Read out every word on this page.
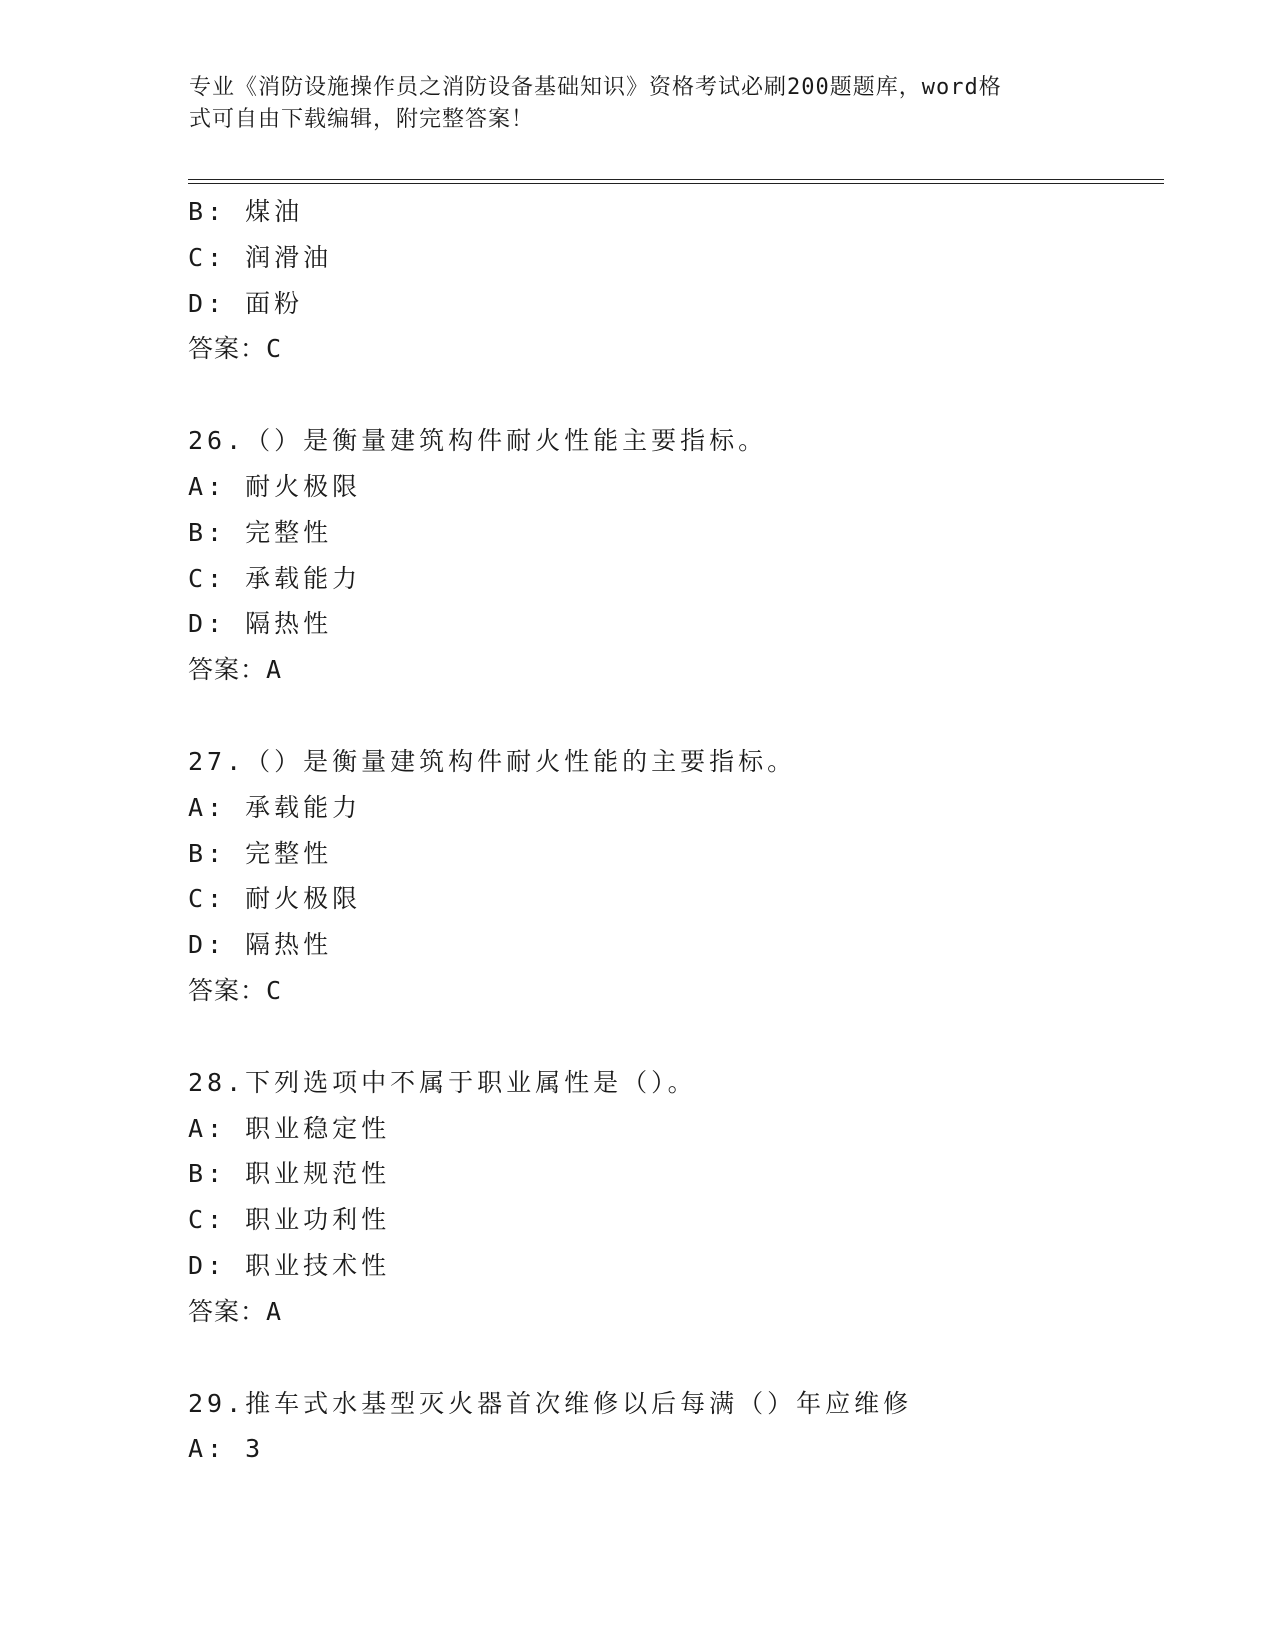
专业《消防设施操作员之消防设备基础知识》资格考试必刷200题题库，word格
式可自由下载编辑，附完整答案！
B: 煤油
C: 润滑油
D: 面粉
答案：C
26.（）是衡量建筑构件耐火性能主要指标。
A: 耐火极限
B: 完整性
C: 承载能力
D: 隔热性
答案：A
27.（）是衡量建筑构件耐火性能的主要指标。
A: 承载能力
B: 完整性
C: 耐火极限
D: 隔热性
答案：C
28.下列选项中不属于职业属性是（）。
A: 职业稳定性
B: 职业规范性
C: 职业功利性
D: 职业技术性
答案：A
29.推车式水基型灭火器首次维修以后每满（）年应维修
A: 3
